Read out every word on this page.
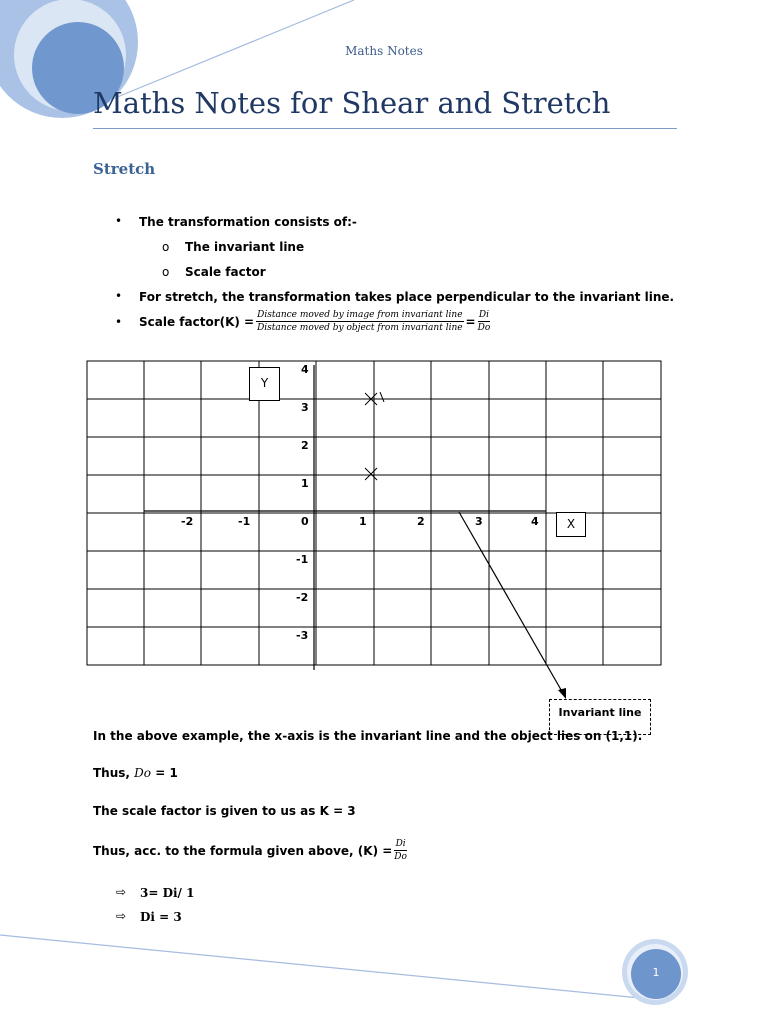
Maths Notes
Maths Notes for Shear and Stretch
Stretch
• The transformation consists of:-
o The invariant line
o Scale factor
• For stretch, the transformation takes place perpendicular to the invariant line.
• Scale factor(K) = $\frac{\text{Distance moved by image from invariant line}}{\text{Distance moved by object from invariant line}} = \frac{Di}{Do}$
4
3
2
1
-1
-2
-3
-2	-1	0	1	2	3	4
Y
X
Invariant line
In the above example, the x-axis is the invariant line and the object lies on (1,1).
Thus, Do = 1
The scale factor is given to us as K = 3
Thus, acc. to the formula given above, $(K) = \frac{Di}{Do}$
⇨ 3= Di/ 1
⇨ Di = 3
1
